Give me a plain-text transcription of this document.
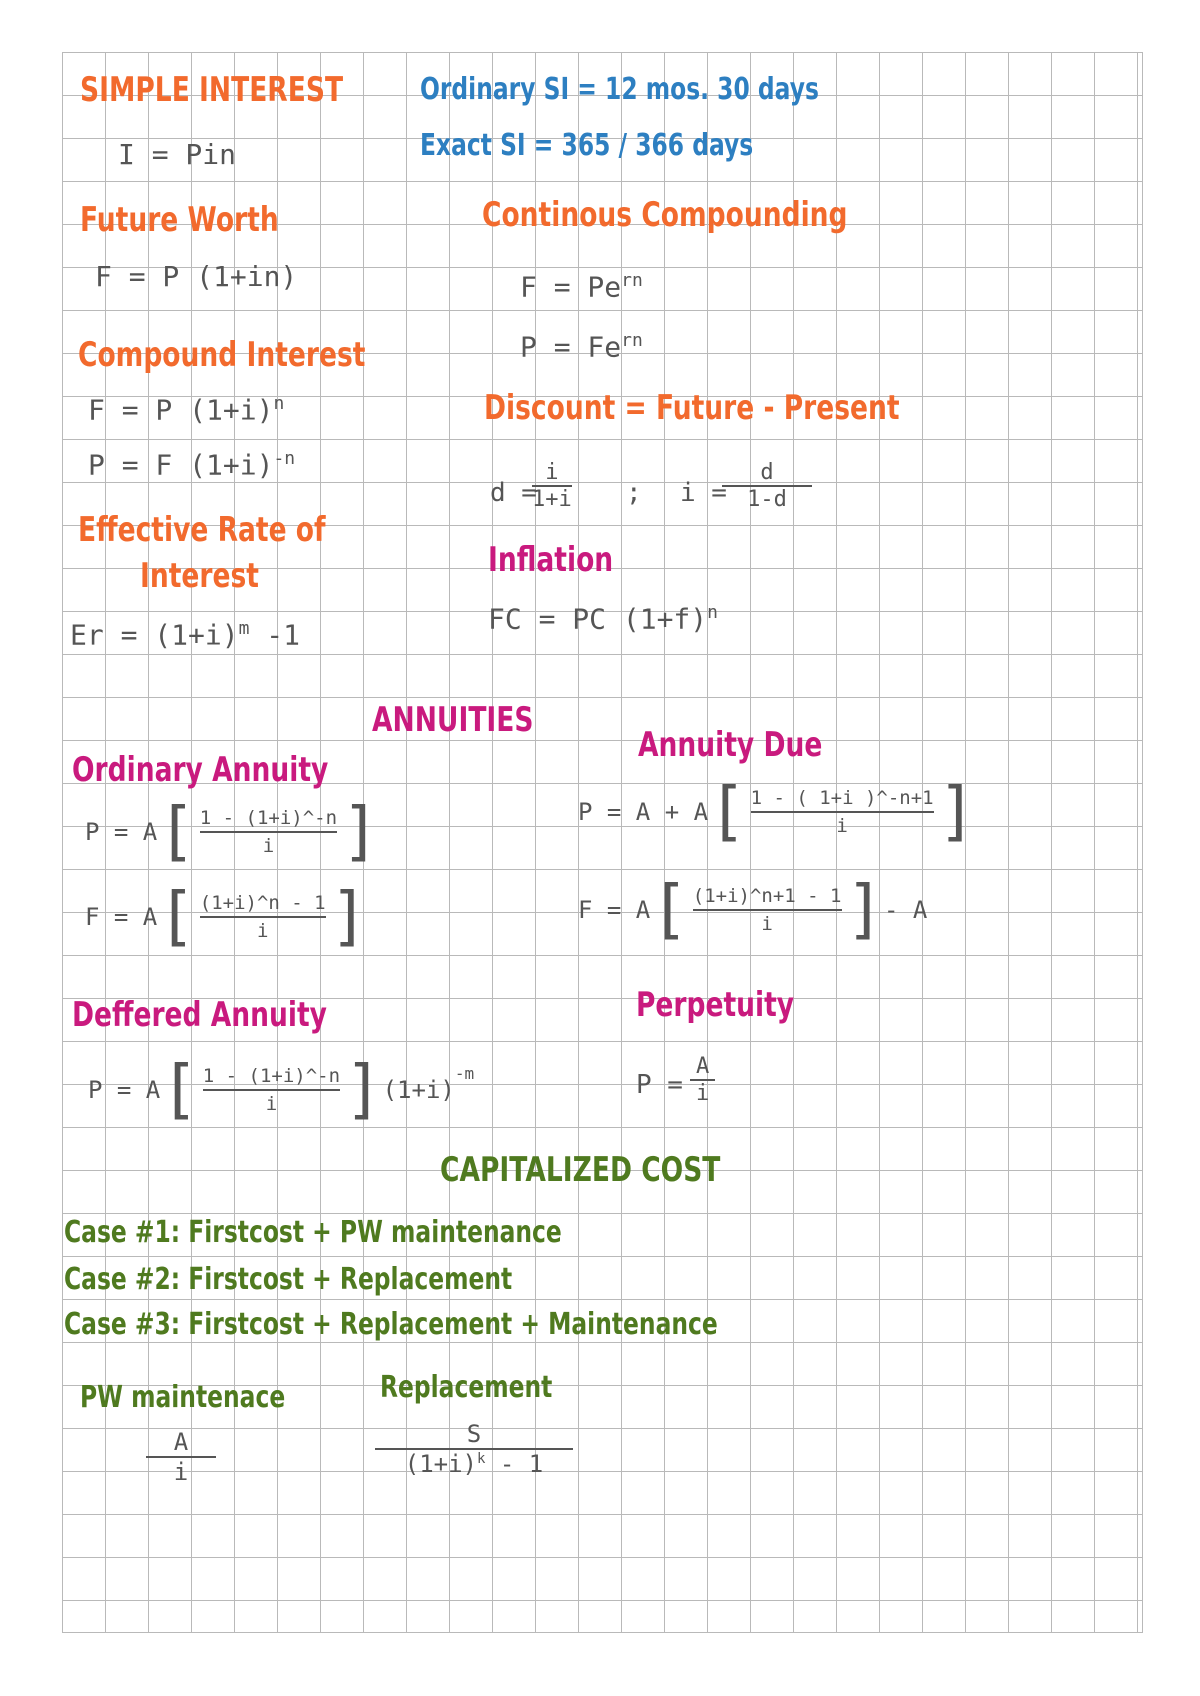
SIMPLE INTEREST
I = Pin
Ordinary SI = 12 mos. 30 days
Exact SI = 365 / 366 days
Future Worth
F = P (1+in)
Continous Compounding
$F = Pe^{rn}$
$P = Fe^{rn}$
Compound Interest
F = P $(1+i)^n$
P = F $(1+i)^{-n}$
Discount = Future - Present
d =
i
1+i ; i =
d
1-d
Effective Rate of
Interest
$Er = (1+i)^m$ -1
Inflation
FC = PC $(1+f)^n$
ANNUITIES
Ordinary Annuity
P = A [ $\frac{1 - (1+i)\^{}-n}{i}$ ]
F = A [ $\frac{(1+i)\^{}n - 1}{i}$ ]
Annuity Due
P = A + A [ $\frac{1 - ( 1+i )\^{}-n+1}{i}$ ]
F = A [ $\frac{(1+i)\^{}n+1 - 1}{i}$ ] - A
Deffered Annuity
P = A [ $\frac{1 - (1+i)\^{}-n}{i}$ ] (1+i)
$^{-m}$
Perpetuity
P =
A
i
CAPITALIZED COST
Case #1: Firstcost + PW maintenance
Case #2: Firstcost + Replacement
Case #3: Firstcost + Replacement + Maintenance
PW maintenace
A
i
Replacement
S
$(1+i)^k - 1$
